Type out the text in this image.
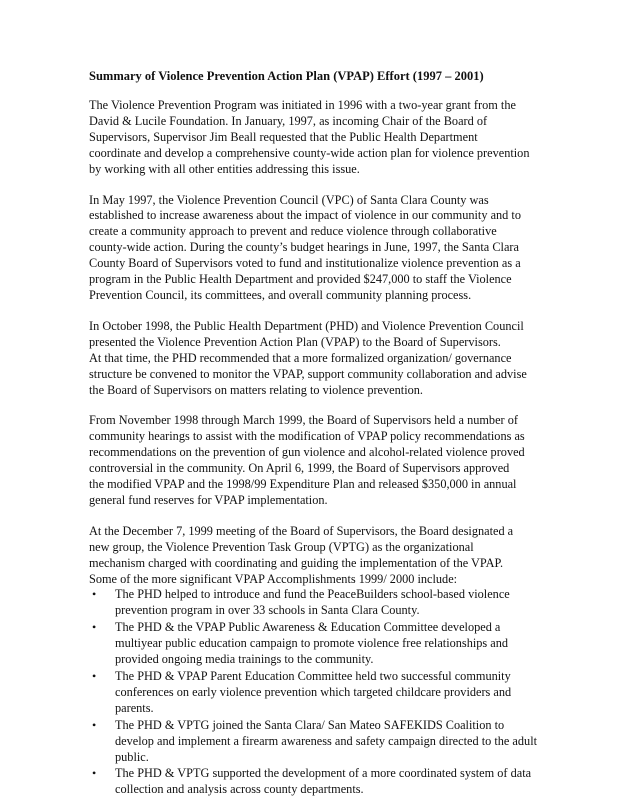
Summary of Violence Prevention Action Plan (VPAP) Effort (1997 – 2001)
The Violence Prevention Program was initiated in 1996 with a two-year grant from the
David & Lucile Foundation. In January, 1997, as incoming Chair of the Board of
Supervisors, Supervisor Jim Beall requested that the Public Health Department
coordinate and develop a comprehensive county-wide action plan for violence prevention
by working with all other entities addressing this issue.
In May 1997, the Violence Prevention Council (VPC) of Santa Clara County was
established to increase awareness about the impact of violence in our community and to
create a community approach to prevent and reduce violence through collaborative
county-wide action. During the county’s budget hearings in June, 1997, the Santa Clara
County Board of Supervisors voted to fund and institutionalize violence prevention as a
program in the Public Health Department and provided $247,000 to staff the Violence
Prevention Council, its committees, and overall community planning process.
In October 1998, the Public Health Department (PHD) and Violence Prevention Council
presented the Violence Prevention Action Plan (VPAP) to the Board of Supervisors.
At that time, the PHD recommended that a more formalized organization/ governance
structure be convened to monitor the VPAP, support community collaboration and advise
the Board of Supervisors on matters relating to violence prevention.
From November 1998 through March 1999, the Board of Supervisors held a number of
community hearings to assist with the modification of VPAP policy recommendations as
recommendations on the prevention of gun violence and alcohol-related violence proved
controversial in the community. On April 6, 1999, the Board of Supervisors approved
the modified VPAP and the 1998/99 Expenditure Plan and released $350,000 in annual
general fund reserves for VPAP implementation.
At the December 7, 1999 meeting of the Board of Supervisors, the Board designated a
new group, the Violence Prevention Task Group (VPTG) as the organizational
mechanism charged with coordinating and guiding the implementation of the VPAP.
Some of the more significant VPAP Accomplishments 1999/ 2000 include:
• The PHD helped to introduce and fund the PeaceBuilders school-based violence
prevention program in over 33 schools in Santa Clara County.
• The PHD & the VPAP Public Awareness & Education Committee developed a
multiyear public education campaign to promote violence free relationships and
provided ongoing media trainings to the community.
• The PHD & VPAP Parent Education Committee held two successful community
conferences on early violence prevention which targeted childcare providers and
parents.
• The PHD & VPTG joined the Santa Clara/ San Mateo SAFEKIDS Coalition to
develop and implement a firearm awareness and safety campaign directed to the adult
public.
• The PHD & VPTG supported the development of a more coordinated system of data
collection and analysis across county departments.
